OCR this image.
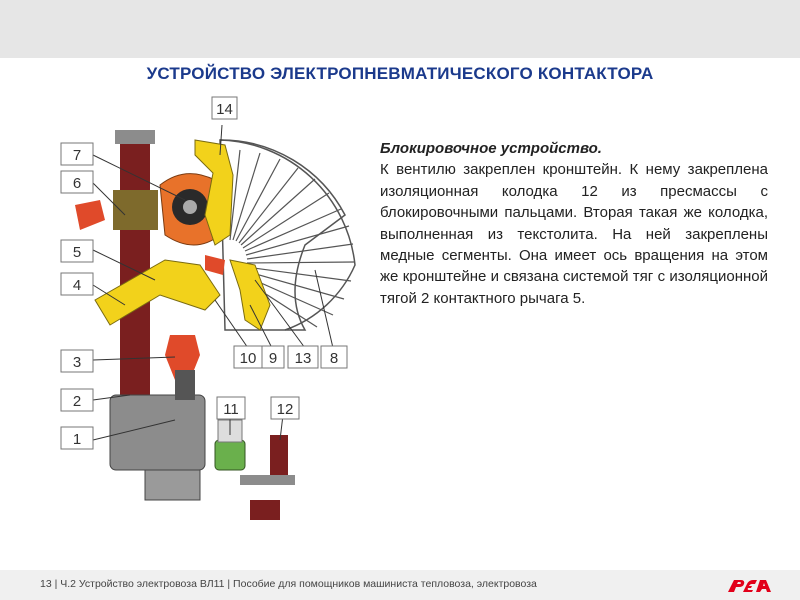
УСТРОЙСТВО ЭЛЕКТРОПНЕВМАТИЧЕСКОГО КОНТАКТОРА
14
7
6
5
4
3
2
1
10 9 13 8
11	12
Блокировочное устройство.
К вентилю закреплен кронштейн. К нему закреплена изоляционная колодка 12 из пресмассы с блокировочными пальцами. Вторая такая же колодка, выполненная из текстолита. На ней закреплены медные сегменты. Она имеет ось вращения на этом же кронштейне и связана системой тяг с изоляционной тягой 2 контактного рычага 5.
13 | Ч.2 Устройство электровоза ВЛ11 | Пособие для помощников машиниста тепловоза, электровоза
